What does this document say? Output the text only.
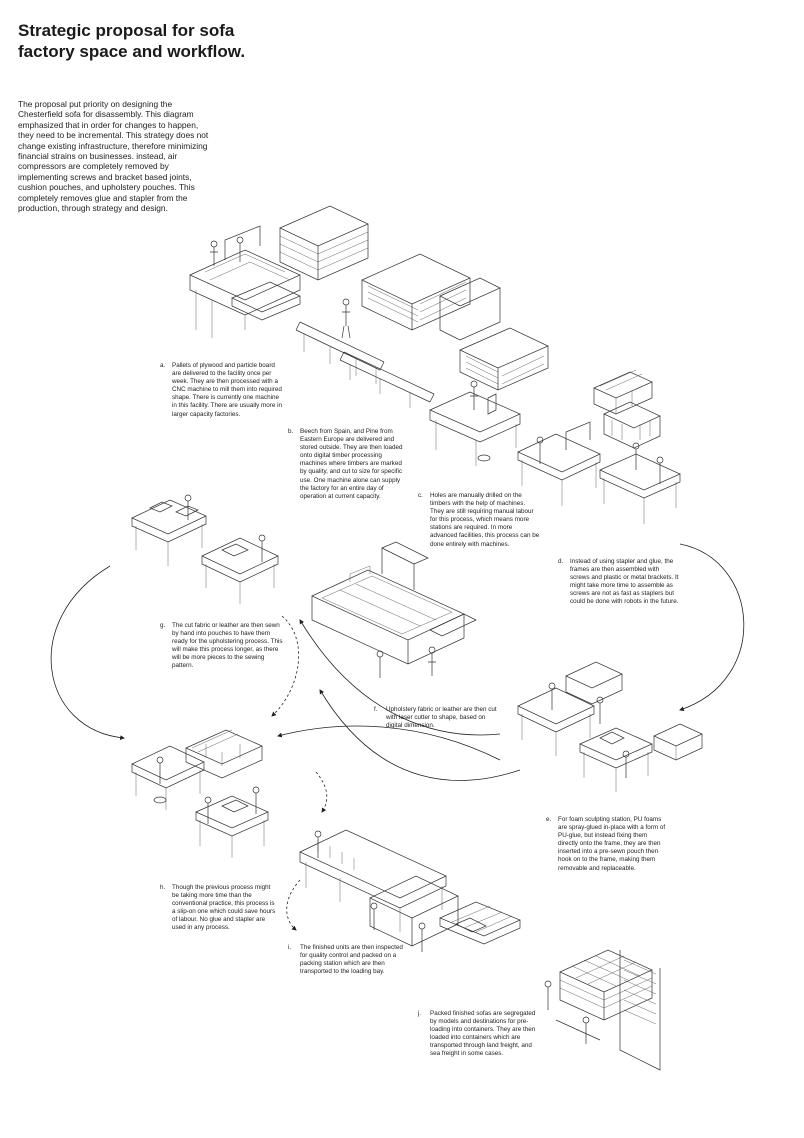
Strategic proposal for sofa factory space and workflow.

The proposal put priority on designing the Chesterfield sofa for disassembly. This diagram emphasized that in order for changes to happen, they need to be incremental. This strategy does not change existing infrastructure, therefore minimizing financial strains on businesses. instead, air compressors are completely removed by implementing screws and bracket based joints, cushion pouches, and upholstery pouches. This completely removes glue and stapler from the production, through strategy and design.

a. Pallets of plywood and particle board are delivered to the facility once per week. They are then processed with a CNC machine to mill them into required shape. There is currently one machine in this facility. There are usually more in larger capacity factories.
b. Beech from Spain, and Pine from Eastern Europe are delivered and stored outside. They are then loaded onto digital timber processing machines where timbers are marked by quality, and cut to size for specific use. One machine alone can supply the factory for an entire day of operation at current capacity.	c. Holes are manually drilled on the timbers with the help of machines. They are still requiring manual labour for this process, which means more stations are required. In more advanced facilities, this process can be done entirely with machines.
d. Instead of using stapler and glue, the frames are then assembled with screws and plastic or metal brackets. It might take more time to assemble as screws are not as fast as staplers but could be done with robots in the future.
g. The cut fabric or leather are then sewn by hand into pouches to have them ready for the upholstering process. This will make this process longer, as there will be more pieces to the sewing pattern.
f. Upholstery fabric or leather are then cut with laser cutter to shape, based on digital dimension.
e. For foam sculpting station, PU foams are spray-glued in-place with a form of PU-glue, but instead fixing them directly onto the frame, they are then inserted into a pre-sewn pouch then hook on to the frame, making them removable and replaceable.
h. Though the previous process might be taking more time than the conventional practice, this process is a slip-on one which could save hours of labour. No glue and stapler are used in any process.
i. The finished units are then inspected for quality control and packed on a packing station which are then transported to the loading bay.
j. Packed finished sofas are segregated by models and destinations for pre-loading into containers. They are then loaded into containers which are transported through land freight, and sea freight in some cases.
